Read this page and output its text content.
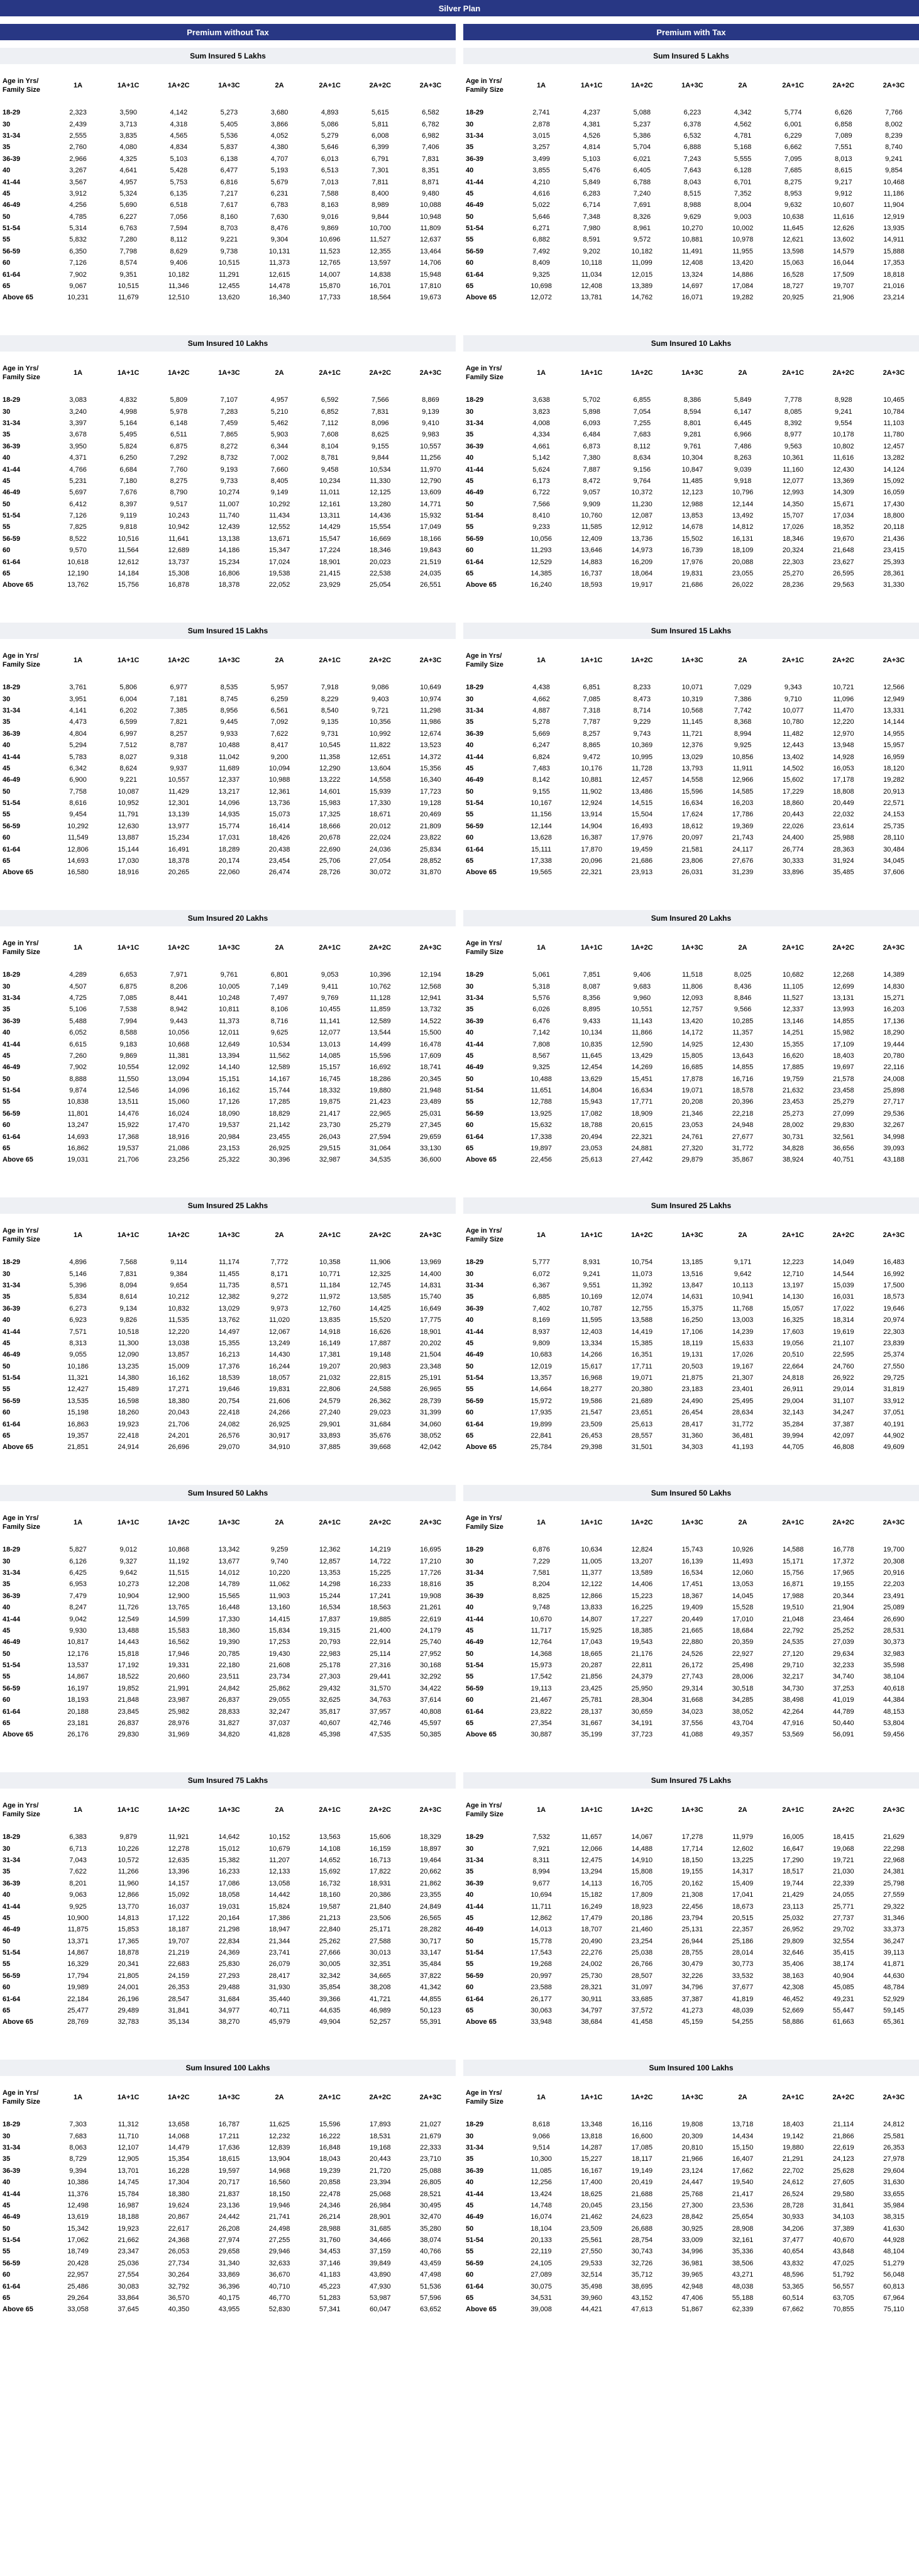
Silver Plan
Premium without Tax
Sum Insured 5 Lakhs
Age in Yrs/ Family Size	1A	1A+1C	1A+2C	1A+3C	2A	2A+1C	2A+2C	2A+3C
18-29	2,323	3,590	4,142	5,273	3,680	4,893	5,615	6,582
30	2,439	3,713	4,318	5,405	3,866	5,086	5,811	6,782
31-34	2,555	3,835	4,565	5,536	4,052	5,279	6,008	6,982
35	2,760	4,080	4,834	5,837	4,380	5,646	6,399	7,406
36-39	2,966	4,325	5,103	6,138	4,707	6,013	6,791	7,831
40	3,267	4,641	5,428	6,477	5,193	6,513	7,301	8,351
41-44	3,567	4,957	5,753	6,816	5,679	7,013	7,811	8,871
45	3,912	5,324	6,135	7,217	6,231	7,588	8,400	9,480
46-49	4,256	5,690	6,518	7,617	6,783	8,163	8,989	10,088
50	4,785	6,227	7,056	8,160	7,630	9,016	9,844	10,948
51-54	5,314	6,763	7,594	8,703	8,476	9,869	10,700	11,809
55	5,832	7,280	8,112	9,221	9,304	10,696	11,527	12,637
56-59	6,350	7,798	8,629	9,738	10,131	11,523	12,355	13,464
60	7,126	8,574	9,406	10,515	11,373	12,765	13,597	14,706
61-64	7,902	9,351	10,182	11,291	12,615	14,007	14,838	15,948
65	9,067	10,515	11,346	12,455	14,478	15,870	16,701	17,810
Above 65	10,231	11,679	12,510	13,620	16,340	17,733	18,564	19,673
Sum Insured 10 Lakhs
Age in Yrs/ Family Size	1A	1A+1C	1A+2C	1A+3C	2A	2A+1C	2A+2C	2A+3C
18-29	3,083	4,832	5,809	7,107	4,957	6,592	7,566	8,869
30	3,240	4,998	5,978	7,283	5,210	6,852	7,831	9,139
31-34	3,397	5,164	6,148	7,459	5,462	7,112	8,096	9,410
35	3,678	5,495	6,511	7,865	5,903	7,608	8,625	9,983
36-39	3,950	5,824	6,875	8,272	6,344	8,104	9,155	10,557
40	4,371	6,250	7,292	8,732	7,002	8,781	9,844	11,256
41-44	4,766	6,684	7,760	9,193	7,660	9,458	10,534	11,970
45	5,231	7,180	8,275	9,733	8,405	10,234	11,330	12,790
46-49	5,697	7,676	8,790	10,274	9,149	11,011	12,125	13,609
50	6,412	8,397	9,517	11,007	10,292	12,161	13,280	14,771
51-54	7,126	9,119	10,243	11,740	11,434	13,311	14,436	15,932
55	7,825	9,818	10,942	12,439	12,552	14,429	15,554	17,049
56-59	8,522	10,516	11,641	13,138	13,671	15,547	16,669	18,166
60	9,570	11,564	12,689	14,186	15,347	17,224	18,346	19,843
61-64	10,618	12,612	13,737	15,234	17,024	18,901	20,023	21,519
65	12,190	14,184	15,308	16,806	19,538	21,415	22,538	24,035
Above 65	13,762	15,756	16,878	18,378	22,052	23,929	25,054	26,551
Sum Insured 15 Lakhs
Age in Yrs/ Family Size	1A	1A+1C	1A+2C	1A+3C	2A	2A+1C	2A+2C	2A+3C
18-29	3,761	5,806	6,977	8,535	5,957	7,918	9,086	10,649
30	3,951	6,004	7,181	8,745	6,259	8,229	9,403	10,974
31-34	4,141	6,202	7,385	8,956	6,561	8,540	9,721	11,298
35	4,473	6,599	7,821	9,445	7,092	9,135	10,356	11,986
36-39	4,804	6,997	8,257	9,933	7,622	9,731	10,992	12,674
40	5,294	7,512	8,787	10,488	8,417	10,545	11,822	13,523
41-44	5,783	8,027	9,318	11,042	9,200	11,358	12,651	14,372
45	6,342	8,624	9,937	11,689	10,094	12,290	13,604	15,356
46-49	6,900	9,221	10,557	12,337	10,988	13,222	14,558	16,340
50	7,758	10,087	11,429	13,217	12,361	14,601	15,939	17,723
51-54	8,616	10,952	12,301	14,096	13,736	15,983	17,330	19,128
55	9,454	11,791	13,139	14,935	15,073	17,325	18,671	20,469
56-59	10,292	12,630	13,977	15,774	16,414	18,666	20,012	21,809
60	11,549	13,887	15,234	17,031	18,426	20,678	22,024	23,822
61-64	12,806	15,144	16,491	18,289	20,438	22,690	24,036	25,834
65	14,693	17,030	18,378	20,174	23,454	25,706	27,054	28,852
Above 65	16,580	18,916	20,265	22,060	26,474	28,726	30,072	31,870
Sum Insured 20 Lakhs
Age in Yrs/ Family Size	1A	1A+1C	1A+2C	1A+3C	2A	2A+1C	2A+2C	2A+3C
18-29	4,289	6,653	7,971	9,761	6,801	9,053	10,396	12,194
30	4,507	6,875	8,206	10,005	7,149	9,411	10,762	12,568
31-34	4,725	7,085	8,441	10,248	7,497	9,769	11,128	12,941
35	5,106	7,538	8,942	10,811	8,106	10,455	11,859	13,732
36-39	5,488	7,994	9,443	11,373	8,716	11,141	12,589	14,522
40	6,052	8,588	10,056	12,011	9,625	12,077	13,544	15,500
41-44	6,615	9,183	10,668	12,649	10,534	13,013	14,499	16,478
45	7,260	9,869	11,381	13,394	11,562	14,085	15,596	17,609
46-49	7,902	10,554	12,092	14,140	12,589	15,157	16,692	18,741
50	8,888	11,550	13,094	15,151	14,167	16,745	18,286	20,345
51-54	9,874	12,546	14,096	16,162	15,744	18,332	19,880	21,948
55	10,838	13,511	15,060	17,126	17,285	19,875	21,423	23,489
56-59	11,801	14,476	16,024	18,090	18,829	21,417	22,965	25,031
60	13,247	15,922	17,470	19,537	21,142	23,730	25,279	27,345
61-64	14,693	17,368	18,916	20,984	23,455	26,043	27,594	29,659
65	16,862	19,537	21,086	23,153	26,925	29,515	31,064	33,130
Above 65	19,031	21,706	23,256	25,322	30,396	32,987	34,535	36,600
Sum Insured 25 Lakhs
Age in Yrs/ Family Size	1A	1A+1C	1A+2C	1A+3C	2A	2A+1C	2A+2C	2A+3C
18-29	4,896	7,568	9,114	11,174	7,772	10,358	11,906	13,969
30	5,146	7,831	9,384	11,455	8,171	10,771	12,325	14,400
31-34	5,396	8,094	9,654	11,735	8,571	11,184	12,745	14,831
35	5,834	8,614	10,212	12,382	9,272	11,972	13,585	15,740
36-39	6,273	9,134	10,832	13,029	9,973	12,760	14,425	16,649
40	6,923	9,826	11,535	13,762	11,020	13,835	15,520	17,775
41-44	7,571	10,518	12,220	14,497	12,067	14,918	16,626	18,901
45	8,313	11,300	13,038	15,355	13,249	16,149	17,887	20,202
46-49	9,055	12,090	13,857	16,213	14,430	17,381	19,148	21,504
50	10,186	13,235	15,009	17,376	16,244	19,207	20,983	23,348
51-54	11,321	14,380	16,162	18,539	18,057	21,032	22,815	25,191
55	12,427	15,489	17,271	19,646	19,831	22,806	24,588	26,965
56-59	13,535	16,598	18,380	20,754	21,606	24,579	26,362	28,739
60	15,198	18,260	20,043	22,418	24,266	27,240	29,023	31,399
61-64	16,863	19,923	21,706	24,082	26,925	29,901	31,684	34,060
65	19,357	22,418	24,201	26,576	30,917	33,893	35,676	38,052
Above 65	21,851	24,914	26,696	29,070	34,910	37,885	39,668	42,042
Sum Insured 50 Lakhs
Age in Yrs/ Family Size	1A	1A+1C	1A+2C	1A+3C	2A	2A+1C	2A+2C	2A+3C
18-29	5,827	9,012	10,868	13,342	9,259	12,362	14,219	16,695
30	6,126	9,327	11,192	13,677	9,740	12,857	14,722	17,210
31-34	6,425	9,642	11,515	14,012	10,220	13,353	15,225	17,726
35	6,953	10,273	12,208	14,789	11,062	14,298	16,233	18,816
36-39	7,479	10,904	12,900	15,565	11,903	15,244	17,241	19,908
40	8,247	11,726	13,765	16,448	13,160	16,534	18,563	21,261
41-44	9,042	12,549	14,599	17,330	14,415	17,837	19,885	22,619
45	9,930	13,488	15,583	18,360	15,834	19,315	21,400	24,179
46-49	10,817	14,443	16,562	19,390	17,253	20,793	22,914	25,740
50	12,176	15,818	17,946	20,785	19,430	22,983	25,114	27,952
51-54	13,537	17,192	19,331	22,180	21,608	25,178	27,316	30,168
55	14,867	18,522	20,660	23,511	23,734	27,303	29,441	32,292
56-59	16,197	19,852	21,991	24,842	25,862	29,432	31,570	34,422
60	18,193	21,848	23,987	26,837	29,055	32,625	34,763	37,614
61-64	20,188	23,845	25,982	28,833	32,247	35,817	37,957	40,808
65	23,181	26,837	28,976	31,827	37,037	40,607	42,746	45,597
Above 65	26,176	29,830	31,969	34,820	41,828	45,398	47,535	50,385
Sum Insured 75 Lakhs
Age in Yrs/ Family Size	1A	1A+1C	1A+2C	1A+3C	2A	2A+1C	2A+2C	2A+3C
18-29	6,383	9,879	11,921	14,642	10,152	13,563	15,606	18,329
30	6,713	10,226	12,278	15,012	10,679	14,108	16,159	18,897
31-34	7,043	10,572	12,635	15,382	11,207	14,652	16,713	19,464
35	7,622	11,266	13,396	16,233	12,133	15,692	17,822	20,662
36-39	8,201	11,960	14,157	17,086	13,058	16,732	18,931	21,862
40	9,063	12,866	15,092	18,058	14,442	18,160	20,386	23,355
41-44	9,925	13,770	16,037	19,031	15,824	19,587	21,840	24,849
45	10,900	14,813	17,122	20,164	17,386	21,213	23,506	26,565
46-49	11,875	15,853	18,187	21,298	18,947	22,840	25,171	28,282
50	13,371	17,365	19,707	22,834	21,344	25,262	27,588	30,717
51-54	14,867	18,878	21,219	24,369	23,741	27,666	30,013	33,147
55	16,329	20,341	22,683	25,830	26,079	30,005	32,351	35,484
56-59	17,794	21,805	24,159	27,293	28,417	32,342	34,665	37,822
60	19,989	24,001	26,353	29,488	31,930	35,854	38,208	41,342
61-64	22,184	26,196	28,547	31,684	35,440	39,366	41,721	44,855
65	25,477	29,489	31,841	34,977	40,711	44,635	46,989	50,123
Above 65	28,769	32,783	35,134	38,270	45,979	49,904	52,257	55,391
Sum Insured 100 Lakhs
Age in Yrs/ Family Size	1A	1A+1C	1A+2C	1A+3C	2A	2A+1C	2A+2C	2A+3C
18-29	7,303	11,312	13,658	16,787	11,625	15,596	17,893	21,027
30	7,683	11,710	14,068	17,211	12,232	16,222	18,531	21,679
31-34	8,063	12,107	14,479	17,636	12,839	16,848	19,168	22,333
35	8,729	12,905	15,354	18,615	13,904	18,043	20,443	23,710
36-39	9,394	13,701	16,228	19,597	14,968	19,239	21,720	25,088
40	10,386	14,745	17,304	20,717	16,560	20,858	23,394	26,805
41-44	11,376	15,784	18,380	21,837	18,150	22,478	25,068	28,521
45	12,498	16,987	19,624	23,136	19,946	24,346	26,984	30,495
46-49	13,619	18,188	20,867	24,442	21,741	26,214	28,901	32,470
50	15,342	19,923	22,617	26,208	24,498	28,988	31,685	35,280
51-54	17,062	21,662	24,368	27,974	27,255	31,760	34,466	38,074
55	18,749	23,347	26,053	29,658	29,946	34,453	37,159	40,766
56-59	20,428	25,036	27,734	31,340	32,633	37,146	39,849	43,459
60	22,957	27,554	30,264	33,869	36,670	41,183	43,890	47,498
61-64	25,486	30,083	32,792	36,396	40,710	45,223	47,930	51,536
65	29,264	33,864	36,570	40,175	46,770	51,283	53,987	57,596
Above 65	33,058	37,645	40,350	43,955	52,830	57,341	60,047	63,652
Premium with Tax
Sum Insured 5 Lakhs
Age in Yrs/ Family Size	1A	1A+1C	1A+2C	1A+3C	2A	2A+1C	2A+2C	2A+3C
18-29	2,741	4,237	5,088	6,223	4,342	5,774	6,626	7,766
30	2,878	4,381	5,237	6,378	4,562	6,001	6,858	8,002
31-34	3,015	4,526	5,386	6,532	4,781	6,229	7,089	8,239
35	3,257	4,814	5,704	6,888	5,168	6,662	7,551	8,740
36-39	3,499	5,103	6,021	7,243	5,555	7,095	8,013	9,241
40	3,855	5,476	6,405	7,643	6,128	7,685	8,615	9,854
41-44	4,210	5,849	6,788	8,043	6,701	8,275	9,217	10,468
45	4,616	6,283	7,240	8,515	7,352	8,953	9,912	11,186
46-49	5,022	6,714	7,691	8,988	8,004	9,632	10,607	11,904
50	5,646	7,348	8,326	9,629	9,003	10,638	11,616	12,919
51-54	6,271	7,980	8,961	10,270	10,002	11,645	12,626	13,935
55	6,882	8,591	9,572	10,881	10,978	12,621	13,602	14,911
56-59	7,492	9,202	10,182	11,491	11,955	13,598	14,579	15,888
60	8,409	10,118	11,099	12,408	13,420	15,063	16,044	17,353
61-64	9,325	11,034	12,015	13,324	14,886	16,528	17,509	18,818
65	10,698	12,408	13,389	14,697	17,084	18,727	19,707	21,016
Above 65	12,072	13,781	14,762	16,071	19,282	20,925	21,906	23,214
Sum Insured 10 Lakhs
Age in Yrs/ Family Size	1A	1A+1C	1A+2C	1A+3C	2A	2A+1C	2A+2C	2A+3C
18-29	3,638	5,702	6,855	8,386	5,849	7,778	8,928	10,465
30	3,823	5,898	7,054	8,594	6,147	8,085	9,241	10,784
31-34	4,008	6,093	7,255	8,801	6,445	8,392	9,554	11,103
35	4,334	6,484	7,683	9,281	6,966	8,977	10,178	11,780
36-39	4,661	6,873	8,112	9,761	7,486	9,563	10,802	12,457
40	5,142	7,380	8,634	10,304	8,263	10,361	11,616	13,282
41-44	5,624	7,887	9,156	10,847	9,039	11,160	12,430	14,124
45	6,173	8,472	9,764	11,485	9,918	12,077	13,369	15,092
46-49	6,722	9,057	10,372	12,123	10,796	12,993	14,309	16,059
50	7,566	9,909	11,230	12,988	12,144	14,350	15,671	17,430
51-54	8,410	10,760	12,087	13,853	13,492	15,707	17,034	18,800
55	9,233	11,585	12,912	14,678	14,812	17,026	18,352	20,118
56-59	10,056	12,409	13,736	15,502	16,131	18,346	19,670	21,436
60	11,293	13,646	14,973	16,739	18,109	20,324	21,648	23,415
61-64	12,529	14,883	16,209	17,976	20,088	22,303	23,627	25,393
65	14,385	16,737	18,064	19,831	23,055	25,270	26,595	28,361
Above 65	16,240	18,593	19,917	21,686	26,022	28,236	29,563	31,330
Sum Insured 15 Lakhs
Age in Yrs/ Family Size	1A	1A+1C	1A+2C	1A+3C	2A	2A+1C	2A+2C	2A+3C
18-29	4,438	6,851	8,233	10,071	7,029	9,343	10,721	12,566
30	4,662	7,085	8,473	10,319	7,386	9,710	11,096	12,949
31-34	4,887	7,318	8,714	10,568	7,742	10,077	11,470	13,331
35	5,278	7,787	9,229	11,145	8,368	10,780	12,220	14,144
36-39	5,669	8,257	9,743	11,721	8,994	11,482	12,970	14,955
40	6,247	8,865	10,369	12,376	9,925	12,443	13,948	15,957
41-44	6,824	9,472	10,995	13,029	10,856	13,402	14,928	16,959
45	7,483	10,176	11,728	13,793	11,911	14,502	16,053	18,120
46-49	8,142	10,881	12,457	14,558	12,966	15,602	17,178	19,282
50	9,155	11,902	13,486	15,596	14,585	17,229	18,808	20,913
51-54	10,167	12,924	14,515	16,634	16,203	18,860	20,449	22,571
55	11,156	13,914	15,504	17,624	17,786	20,443	22,032	24,153
56-59	12,144	14,904	16,493	18,612	19,369	22,026	23,614	25,735
60	13,628	16,387	17,976	20,097	21,743	24,400	25,988	28,110
61-64	15,111	17,870	19,459	21,581	24,117	26,774	28,363	30,484
65	17,338	20,096	21,686	23,806	27,676	30,333	31,924	34,045
Above 65	19,565	22,321	23,913	26,031	31,239	33,896	35,485	37,606
Sum Insured 20 Lakhs
Age in Yrs/ Family Size	1A	1A+1C	1A+2C	1A+3C	2A	2A+1C	2A+2C	2A+3C
18-29	5,061	7,851	9,406	11,518	8,025	10,682	12,268	14,389
30	5,318	8,087	9,683	11,806	8,436	11,105	12,699	14,830
31-34	5,576	8,356	9,960	12,093	8,846	11,527	13,131	15,271
35	6,026	8,895	10,551	12,757	9,566	12,337	13,993	16,203
36-39	6,476	9,433	11,143	13,420	10,285	13,146	14,855	17,136
40	7,142	10,134	11,866	14,172	11,357	14,251	15,982	18,290
41-44	7,808	10,835	12,590	14,925	12,430	15,355	17,109	19,444
45	8,567	11,645	13,429	15,805	13,643	16,620	18,403	20,780
46-49	9,325	12,454	14,269	16,685	14,855	17,885	19,697	22,116
50	10,488	13,629	15,451	17,878	16,716	19,759	21,578	24,008
51-54	11,651	14,804	16,634	19,071	18,578	21,632	23,458	25,898
55	12,788	15,943	17,771	20,208	20,396	23,453	25,279	27,717
56-59	13,925	17,082	18,909	21,346	22,218	25,273	27,099	29,536
60	15,632	18,788	20,615	23,053	24,948	28,002	29,830	32,267
61-64	17,338	20,494	22,321	24,761	27,677	30,731	32,561	34,998
65	19,897	23,053	24,881	27,320	31,772	34,828	36,656	39,093
Above 65	22,456	25,613	27,442	29,879	35,867	38,924	40,751	43,188
Sum Insured 25 Lakhs
Age in Yrs/ Family Size	1A	1A+1C	1A+2C	1A+3C	2A	2A+1C	2A+2C	2A+3C
18-29	5,777	8,931	10,754	13,185	9,171	12,223	14,049	16,483
30	6,072	9,241	11,073	13,516	9,642	12,710	14,544	16,992
31-34	6,367	9,551	11,392	13,847	10,113	13,197	15,039	17,500
35	6,885	10,169	12,074	14,631	10,941	14,130	16,031	18,573
36-39	7,402	10,787	12,755	15,375	11,768	15,057	17,022	19,646
40	8,169	11,595	13,588	16,250	13,003	16,325	18,314	20,974
41-44	8,937	12,403	14,419	17,106	14,239	17,603	19,619	22,303
45	9,809	13,334	15,385	18,119	15,633	19,056	21,107	23,839
46-49	10,683	14,266	16,351	19,131	17,026	20,510	22,595	25,374
50	12,019	15,617	17,711	20,503	19,167	22,664	24,760	27,550
51-54	13,357	16,968	19,071	21,875	21,307	24,818	26,922	29,725
55	14,664	18,277	20,380	23,183	23,401	26,911	29,014	31,819
56-59	15,972	19,586	21,689	24,490	25,495	29,004	31,107	33,912
60	17,935	21,547	23,651	26,454	28,634	32,143	34,247	37,051
61-64	19,899	23,509	25,613	28,417	31,772	35,284	37,387	40,191
65	22,841	26,453	28,557	31,360	36,481	39,994	42,097	44,902
Above 65	25,784	29,398	31,501	34,303	41,193	44,705	46,808	49,609
Sum Insured 50 Lakhs
Age in Yrs/ Family Size	1A	1A+1C	1A+2C	1A+3C	2A	2A+1C	2A+2C	2A+3C
18-29	6,876	10,634	12,824	15,743	10,926	14,588	16,778	19,700
30	7,229	11,005	13,207	16,139	11,493	15,171	17,372	20,308
31-34	7,581	11,377	13,589	16,534	12,060	15,756	17,965	20,916
35	8,204	12,122	14,406	17,451	13,053	16,871	19,155	22,203
36-39	8,825	12,866	15,223	18,367	14,045	17,988	20,344	23,491
40	9,748	13,833	16,225	19,409	15,528	19,510	21,904	25,089
41-44	10,670	14,807	17,227	20,449	17,010	21,048	23,464	26,690
45	11,717	15,925	18,385	21,665	18,684	22,792	25,252	28,531
46-49	12,764	17,043	19,543	22,880	20,359	24,535	27,039	30,373
50	14,368	18,665	21,176	24,526	22,927	27,120	29,634	32,983
51-54	15,973	20,287	22,811	26,172	25,498	29,710	32,233	35,598
55	17,542	21,856	24,379	27,743	28,006	32,217	34,740	38,104
56-59	19,113	23,425	25,950	29,314	30,518	34,730	37,253	40,618
60	21,467	25,781	28,304	31,668	34,285	38,498	41,019	44,384
61-64	23,822	28,137	30,659	34,023	38,052	42,264	44,789	48,153
65	27,354	31,667	34,191	37,556	43,704	47,916	50,440	53,804
Above 65	30,887	35,199	37,723	41,088	49,357	53,569	56,091	59,456
Sum Insured 75 Lakhs
Age in Yrs/ Family Size	1A	1A+1C	1A+2C	1A+3C	2A	2A+1C	2A+2C	2A+3C
18-29	7,532	11,657	14,067	17,278	11,979	16,005	18,415	21,629
30	7,921	12,066	14,488	17,714	12,602	16,647	19,068	22,298
31-34	8,311	12,475	14,910	18,150	13,225	17,290	19,721	22,968
35	8,994	13,294	15,808	19,155	14,317	18,517	21,030	24,381
36-39	9,677	14,113	16,705	20,162	15,409	19,744	22,339	25,798
40	10,694	15,182	17,809	21,308	17,041	21,429	24,055	27,559
41-44	11,711	16,249	18,923	22,456	18,673	23,113	25,771	29,322
45	12,862	17,479	20,186	23,794	20,515	25,032	27,737	31,346
46-49	14,013	18,707	21,460	25,131	22,357	26,952	29,702	33,373
50	15,778	20,490	23,254	26,944	25,186	29,809	32,554	36,247
51-54	17,543	22,276	25,038	28,755	28,014	32,646	35,415	39,113
55	19,268	24,002	26,766	30,479	30,773	35,406	38,174	41,871
56-59	20,997	25,730	28,507	32,226	33,532	38,163	40,904	44,630
60	23,588	28,321	31,097	34,796	37,677	42,308	45,085	48,784
61-64	26,177	30,911	33,685	37,387	41,819	46,452	49,231	52,929
65	30,063	34,797	37,572	41,273	48,039	52,669	55,447	59,145
Above 65	33,948	38,684	41,458	45,159	54,255	58,886	61,663	65,361
Sum Insured 100 Lakhs
Age in Yrs/ Family Size	1A	1A+1C	1A+2C	1A+3C	2A	2A+1C	2A+2C	2A+3C
18-29	8,618	13,348	16,116	19,808	13,718	18,403	21,114	24,812
30	9,066	13,818	16,600	20,309	14,434	19,142	21,866	25,581
31-34	9,514	14,287	17,085	20,810	15,150	19,880	22,619	26,353
35	10,300	15,227	18,117	21,966	16,407	21,291	24,123	27,978
36-39	11,085	16,167	19,149	23,124	17,662	22,702	25,628	29,604
40	12,256	17,400	20,419	24,447	19,540	24,612	27,605	31,630
41-44	13,424	18,625	21,688	25,768	21,417	26,524	29,580	33,655
45	14,748	20,045	23,156	27,300	23,536	28,728	31,841	35,984
46-49	16,074	21,462	24,623	28,842	25,654	30,933	34,103	38,315
50	18,104	23,509	26,688	30,925	28,908	34,206	37,389	41,630
51-54	20,133	25,561	28,754	33,009	32,161	37,477	40,670	44,928
55	22,119	27,550	30,743	34,996	35,336	40,654	43,848	48,104
56-59	24,105	29,533	32,726	36,981	38,506	43,832	47,025	51,279
60	27,089	32,514	35,712	39,965	43,271	48,596	51,792	56,048
61-64	30,075	35,498	38,695	42,948	48,038	53,365	56,557	60,813
65	34,531	39,960	43,152	47,406	55,188	60,514	63,705	67,964
Above 65	39,008	44,421	47,613	51,867	62,339	67,662	70,855	75,110
